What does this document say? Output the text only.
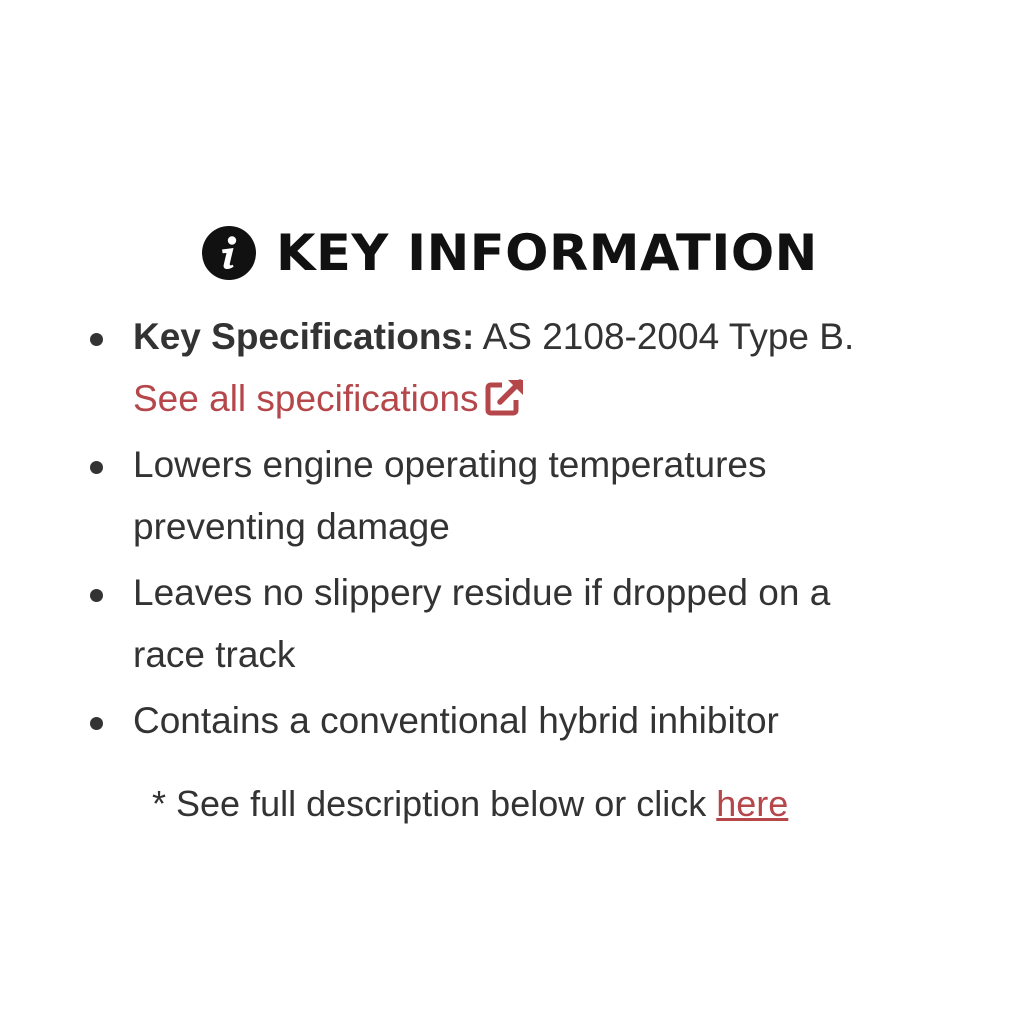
KEY INFORMATION
Key Specifications: AS 2108-2004 Type B. See all specifications
Lowers engine operating temperatures preventing damage
Leaves no slippery residue if dropped on a race track
Contains a conventional hybrid inhibitor
* See full description below or click here
